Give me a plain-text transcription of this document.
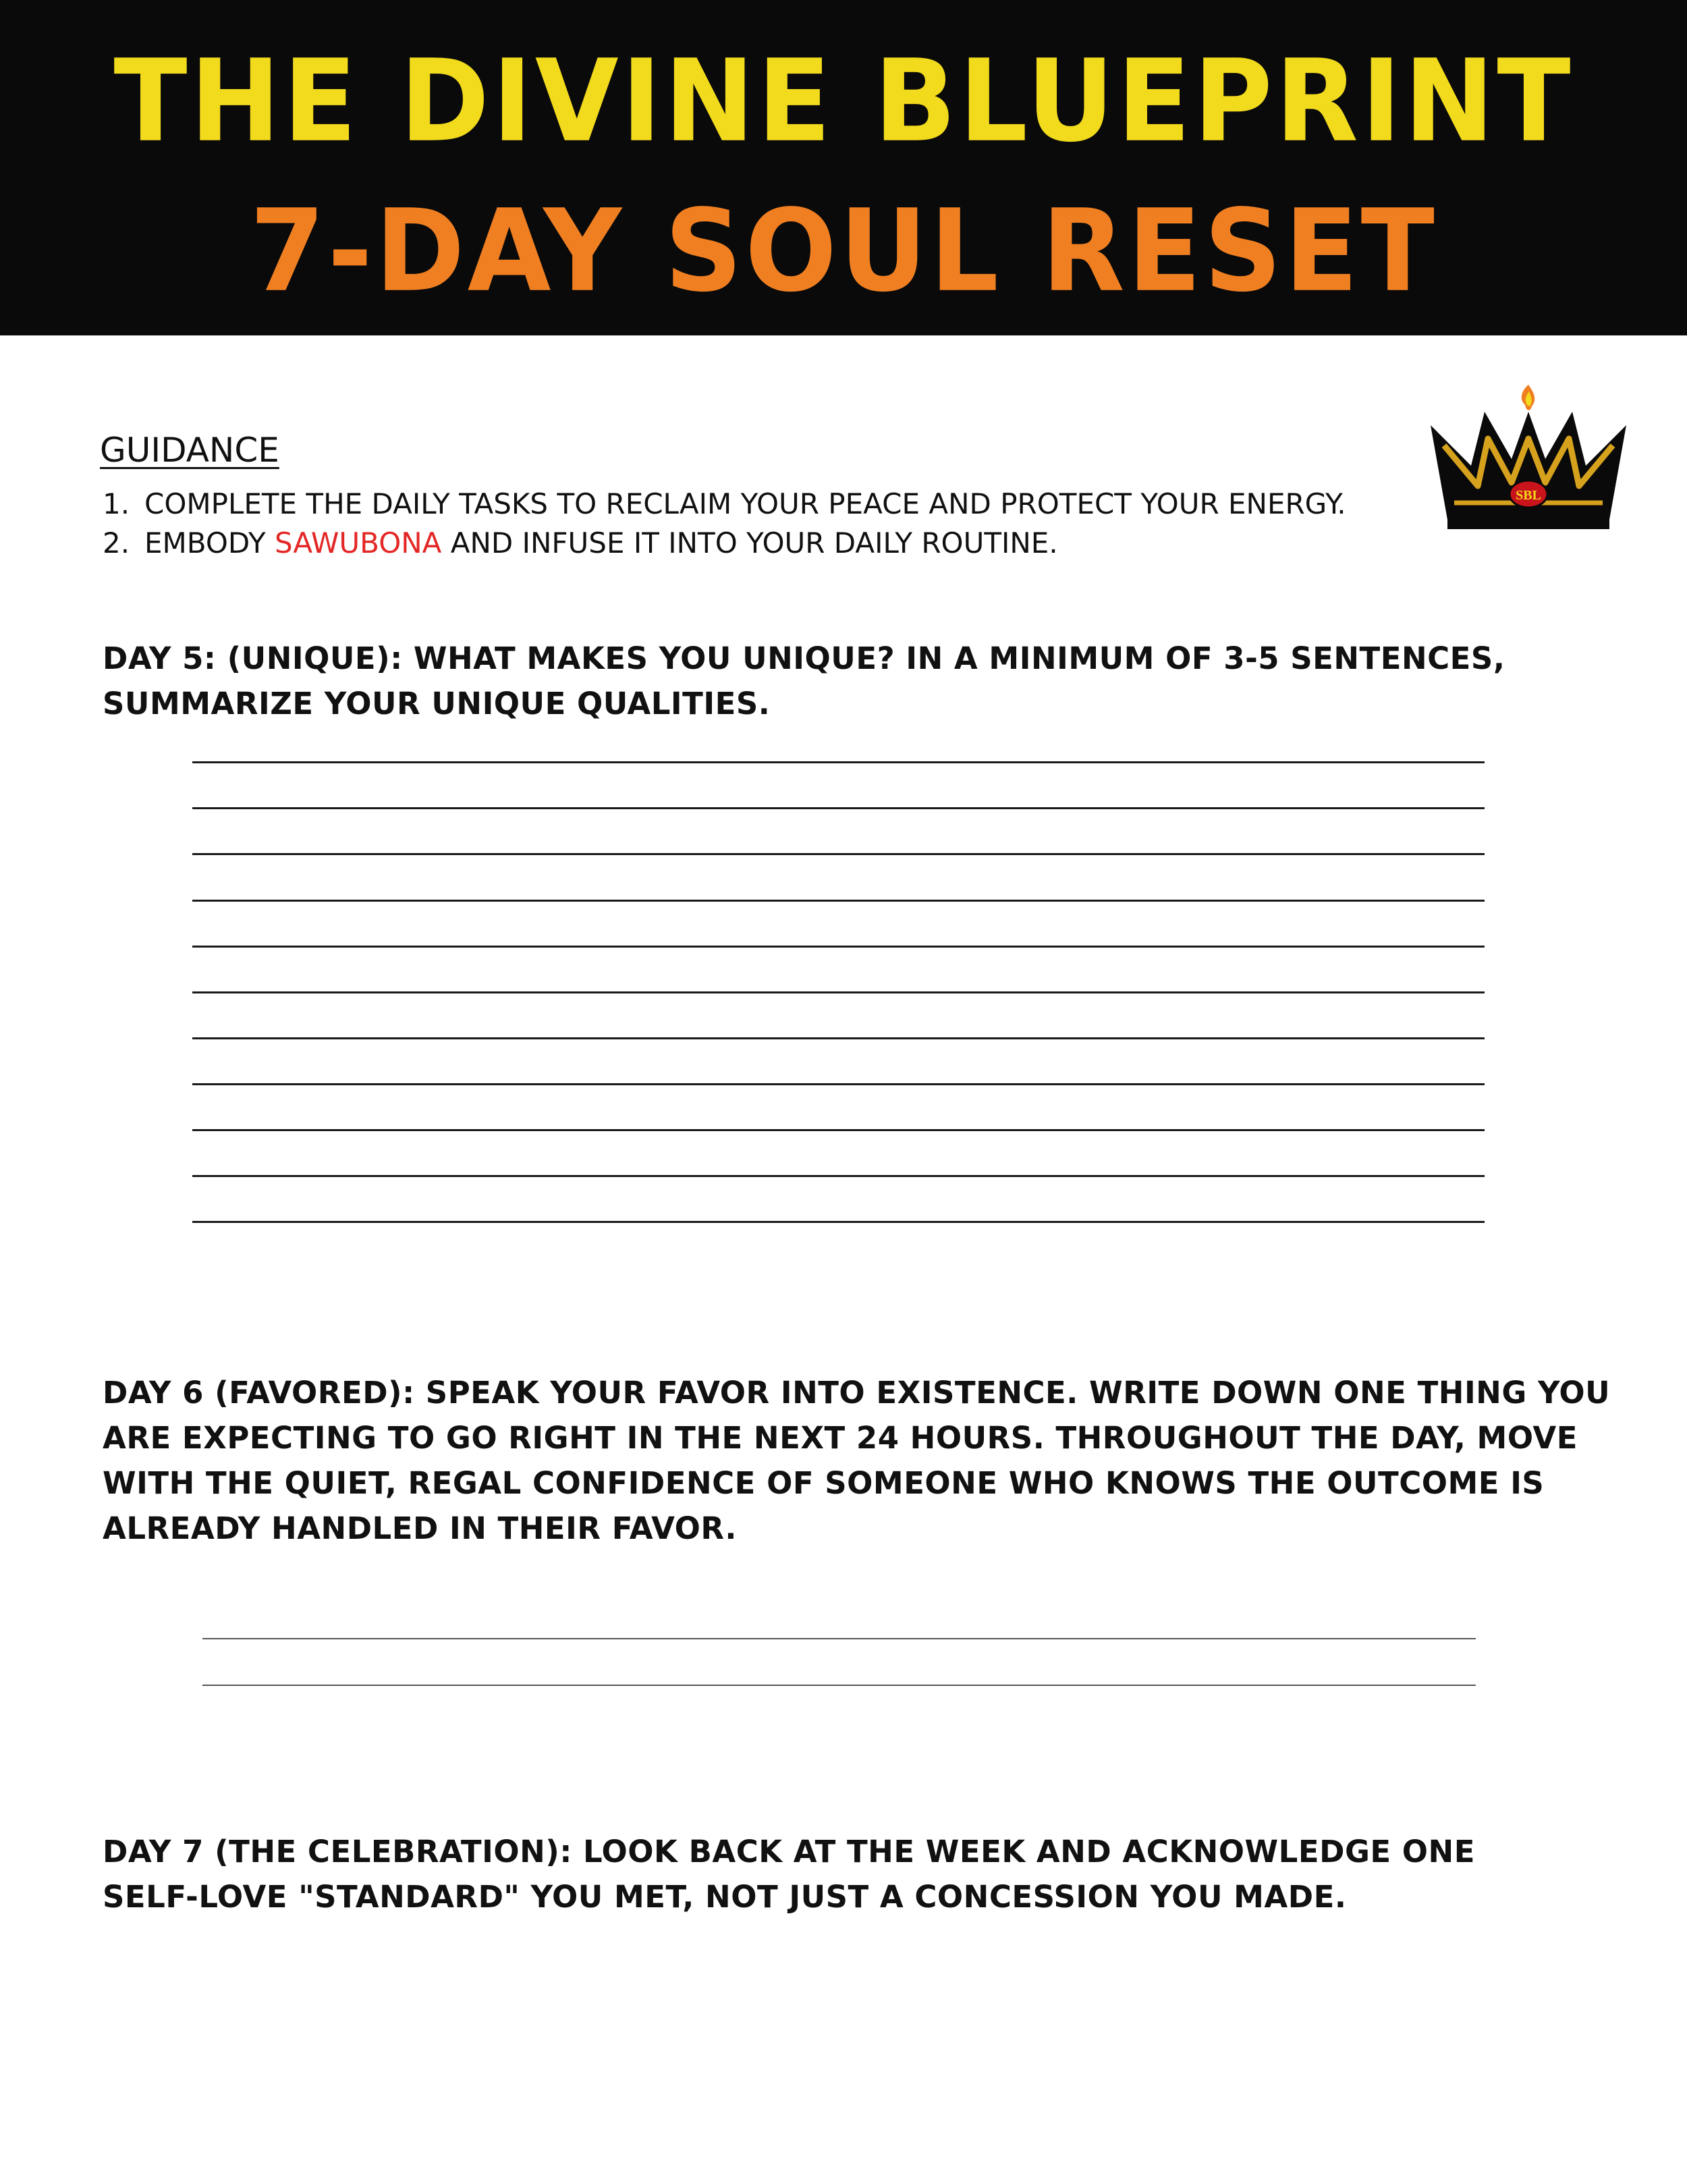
THE DIVINE BLUEPRINT
7-DAY SOUL RESET
SBL
GUIDANCE
1. COMPLETE THE DAILY TASKS TO RECLAIM YOUR PEACE AND PROTECT YOUR ENERGY.
2. EMBODY SAWUBONA AND INFUSE IT INTO YOUR DAILY ROUTINE.
DAY 5: (UNIQUE): WHAT MAKES YOU UNIQUE? IN A MINIMUM OF 3-5 SENTENCES, SUMMARIZE YOUR UNIQUE QUALITIES.
DAY 6 (FAVORED): SPEAK YOUR FAVOR INTO EXISTENCE. WRITE DOWN ONE THING YOU ARE EXPECTING TO GO RIGHT IN THE NEXT 24 HOURS. THROUGHOUT THE DAY, MOVE WITH THE QUIET, REGAL CONFIDENCE OF SOMEONE WHO KNOWS THE OUTCOME IS ALREADY HANDLED IN THEIR FAVOR.
DAY 7 (THE CELEBRATION): LOOK BACK AT THE WEEK AND ACKNOWLEDGE ONE SELF-LOVE "STANDARD" YOU MET, NOT JUST A CONCESSION YOU MADE.
